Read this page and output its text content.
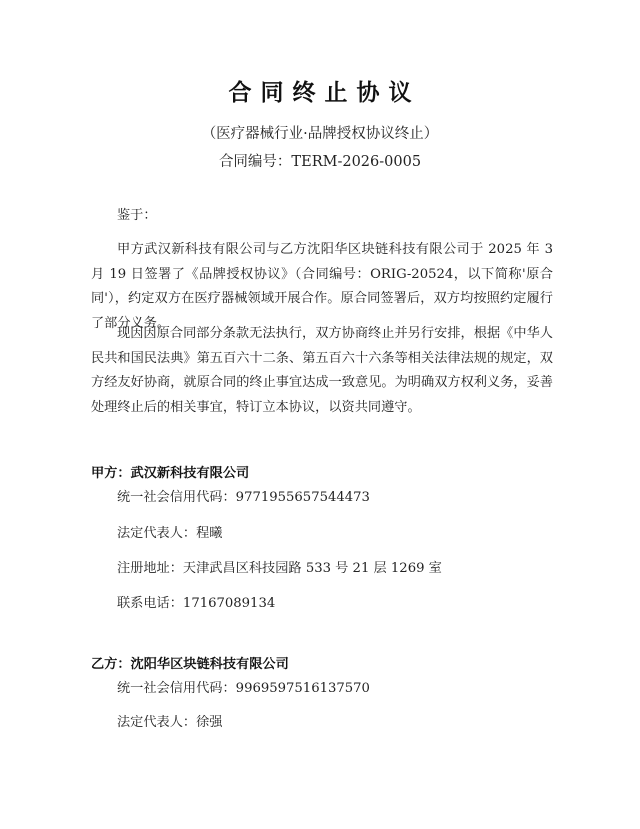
合同终止协议
（医疗器械行业·品牌授权协议终止）
合同编号：TERM-2026-0005
鉴于：
甲方武汉新科技有限公司与乙方沈阳华区块链科技有限公司于 2025 年 3 月 19 日签署了《品牌授权协议》（合同编号：ORIG-20524，以下简称'原合同'），约定双方在医疗器械领域开展合作。原合同签署后，双方均按照约定履行了部分义务。
现因因原合同部分条款无法执行，双方协商终止并另行安排，根据《中华人民共和国民法典》第五百六十二条、第五百六十六条等相关法律法规的规定，双方经友好协商，就原合同的终止事宜达成一致意见。为明确双方权利义务，妥善处理终止后的相关事宜，特订立本协议，以资共同遵守。
甲方：武汉新科技有限公司
统一社会信用代码：9771955657544473
法定代表人：程曦
注册地址：天津武昌区科技园路 533 号 21 层 1269 室
联系电话：17167089134
乙方：沈阳华区块链科技有限公司
统一社会信用代码：9969597516137570
法定代表人：徐强
